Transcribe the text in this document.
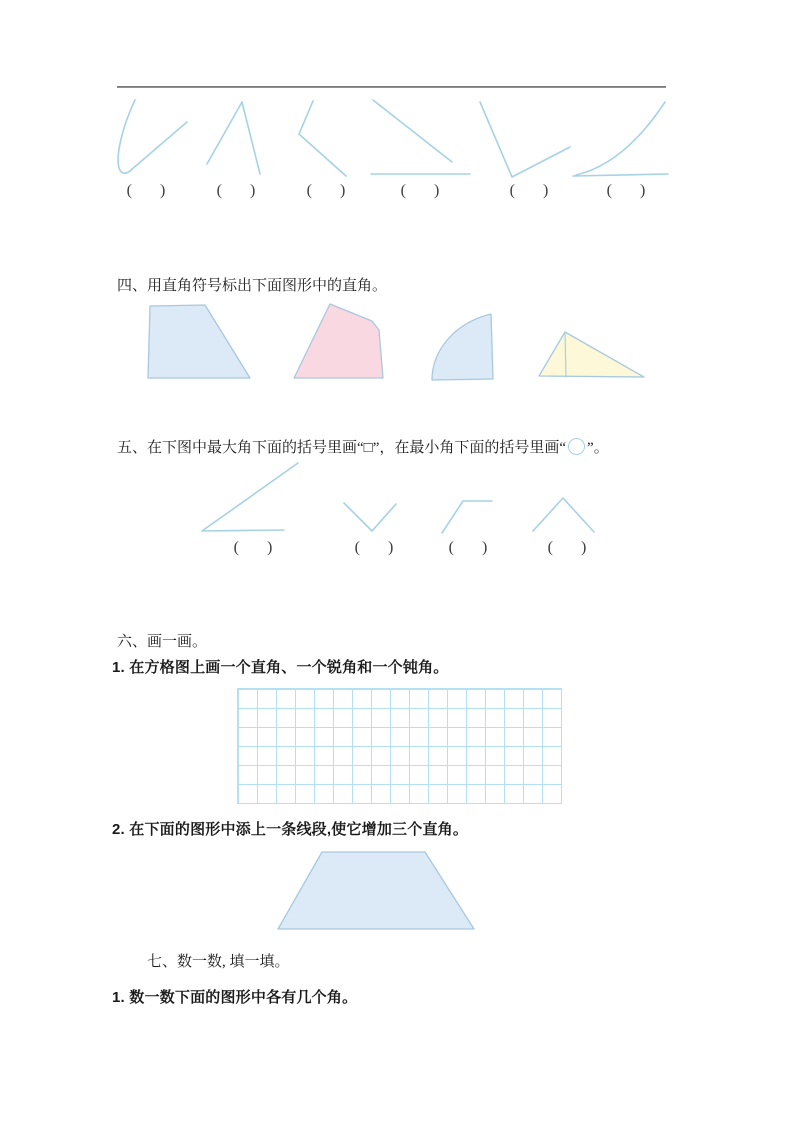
(       )	(       )	(       )	(       )	(       )	(       )
四、用直角符号标出下面图形中的直角。
五、在下图中最大角下面的括号里画“□”，在最小角下面的括号里画“ ”。
(       )	(       )	(       )	(       )
六、画一画。
1. 在方格图上画一个直角、一个锐角和一个钝角。
2. 在下面的图形中添上一条线段,使它增加三个直角。
七、数一数, 填一填。
1. 数一数下面的图形中各有几个角。
